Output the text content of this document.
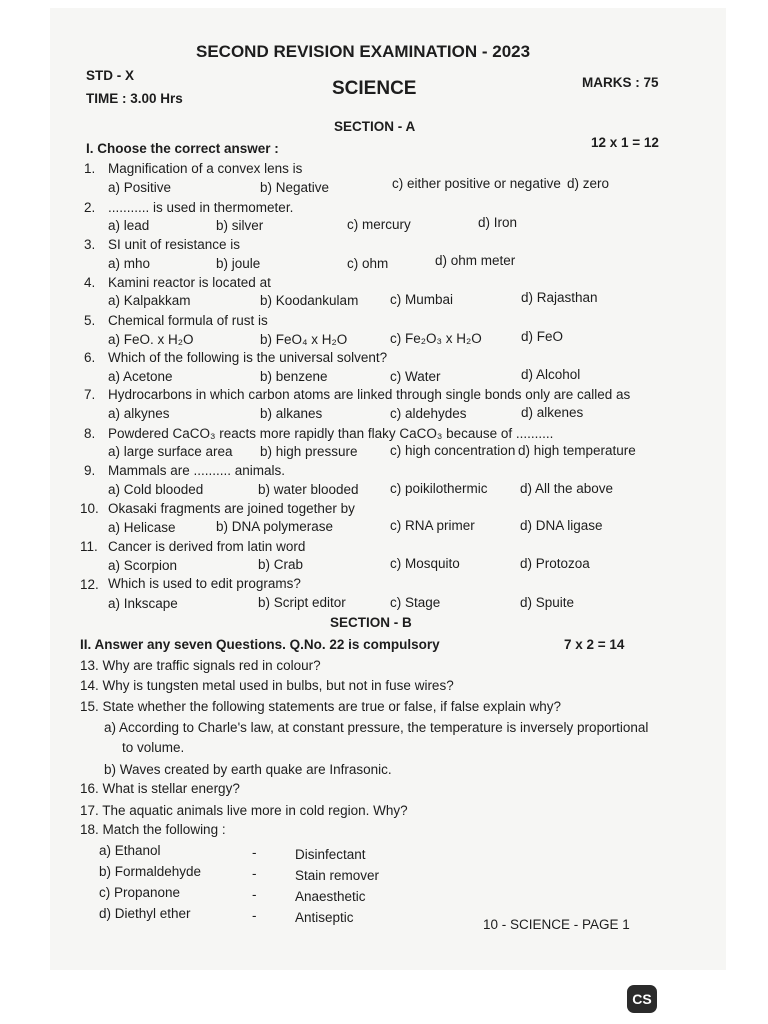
SECOND REVISION EXAMINATION - 2023
STD - X
SCIENCE	MARKS : 75
TIME : 3.00 Hrs
SECTION - A
I. Choose the correct answer :	12 x 1 = 12
1. Magnification of a convex lens is
a) Positive	b) Negative	c) either positive or negative d) zero
2. ........... is used in thermometer.
a) lead	b) silver	c) mercury	d) Iron
3. SI unit of resistance is
a) mho	b) joule	c) ohm	d) ohm meter
4. Kamini reactor is located at
a) Kalpakkam	b) Koodankulam c) Mumbai	d) Rajasthan
5. Chemical formula of rust is
a) FeO. x H₂O	b) FeO₄ x H₂O	c) Fe₂O₃ x H₂O	d) FeO
6. Which of the following is the universal solvent?
a) Acetone	b) benzene	c) Water	d) Alcohol
7. Hydrocarbons in which carbon atoms are linked through single bonds only are called as
a) alkynes	b) alkanes	c) aldehydes	d) alkenes
8. Powdered CaCO₃ reacts more rapidly than flaky CaCO₃ because of ..........
a) large surface area b) high pressure c) high concentration d) high temperature
9. Mammals are .......... animals.
a) Cold blooded	b) water blooded c) poikilothermic d) All the above
10. Okasaki fragments are joined together by
a) Helicase	b) DNA polymerase	c) RNA primer	d) DNA ligase
11. Cancer is derived from latin word
a) Scorpion	b) Crab	c) Mosquito	d) Protozoa
12. Which is used to edit programs?
a) Inkscape	b) Script editor	c) Stage	d) Spuite
SECTION - B
II. Answer any seven Questions. Q.No. 22 is compulsory	7 x 2 = 14
13. Why are traffic signals red in colour?
14. Why is tungsten metal used in bulbs, but not in fuse wires?
15. State whether the following statements are true or false, if false explain why?
a) According to Charle's law, at constant pressure, the temperature is inversely proportional
to volume.
b) Waves created by earth quake are Infrasonic.
16. What is stellar energy?
17. The aquatic animals live more in cold region. Why?
18. Match the following :
a) Ethanol	-	Disinfectant
b) Formaldehyde	-	Stain remover
c) Propanone	-	Anaesthetic
d) Diethyl ether	-	Antiseptic	10 - SCIENCE - PAGE 1
CS
